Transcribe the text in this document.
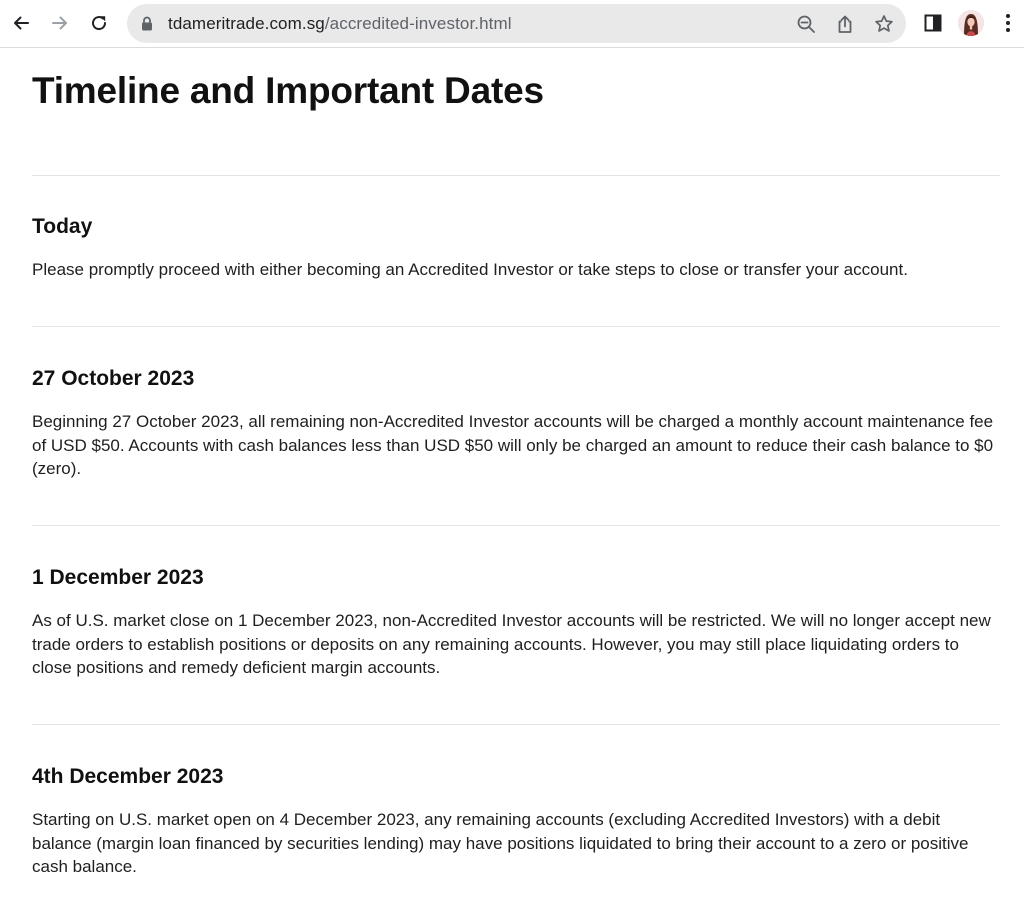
tdameritrade.com.sg/accredited-investor.html
Timeline and Important Dates
Today

Please promptly proceed with either becoming an Accredited Investor or take steps to close or transfer your account.

27 October 2023

Beginning 27 October 2023, all remaining non-Accredited Investor accounts will be charged a monthly account maintenance fee of USD $50. Accounts with cash balances less than USD $50 will only be charged an amount to reduce their cash balance to $0 (zero).

1 December 2023

As of U.S. market close on 1 December 2023, non-Accredited Investor accounts will be restricted. We will no longer accept new trade orders to establish positions or deposits on any remaining accounts. However, you may still place liquidating orders to close positions and remedy deficient margin accounts.

4th December 2023

Starting on U.S. market open on 4 December 2023, any remaining accounts (excluding Accredited Investors) with a debit balance (margin loan financed by securities lending) may have positions liquidated to bring their account to a zero or positive cash balance.
